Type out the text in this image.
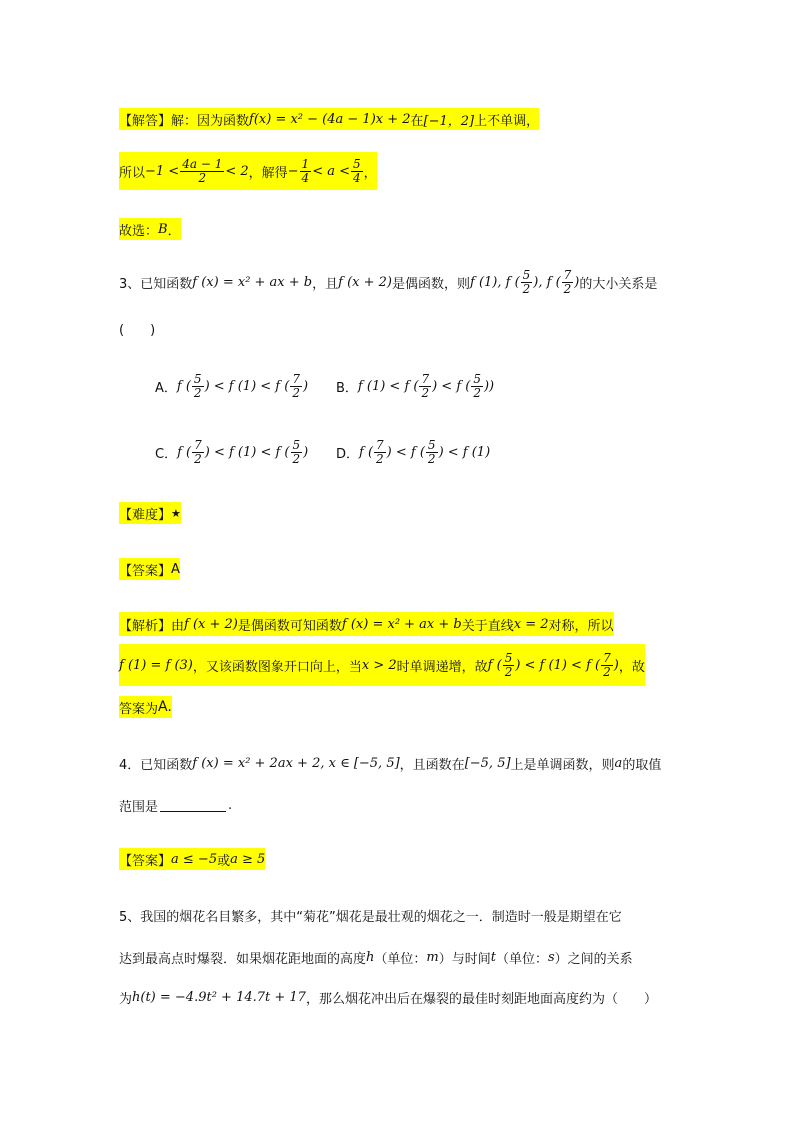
【解答】 解：因为函数 f(x) = x² − (4a − 1)x + 2 在 [−1，2] 上不单调，
所以 $-1 < \frac{4a - 1}{2} < 2$ ，解得 − $\frac{1}{4} < a < \frac{5}{4}$ ，
故选： B ．
3、已知函数 f (x) = x² + ax + b ，且 f (x + 2) 是偶函数，则 f (1), f ( $\frac{5}{2}$ ), f ( $\frac{7}{2}$ ) 的大小关系是
(　　)
A． f ( $\frac{5}{2}$ ) < f (1) < f ( $\frac{7}{2}$ ) B． f (1) < f ( $\frac{7}{2}$ ) < f ( $\frac{5}{2}$ ))
C． f ( $\frac{7}{2}$ ) < f (1) < f ( $\frac{5}{2}$ ) D． f ( $\frac{7}{2}$ ) < f ( $\frac{5}{2}$ ) < f (1)
【难度】 ★
【答案】 A
【解析】 由 f (x + 2) 是偶函数可知函数 f (x) = x² + ax + b 关于直线 x = 2 对称，所以
f (1) = f (3) ，又该函数图象开口向上，当 x > 2 时单调递增，故 f ( $\frac{5}{2}$ ) < f (1) < f ( $\frac{7}{2}$ ) ，故
答案为 A.
4．已知函数 f (x) = x² + 2ax + 2, x ∈ [−5, 5] ，且函数在 [−5, 5] 上是单调函数，则 a 的取值
范围是	.
【答案】 a ≤ −5 或 a ≥ 5
5、我国的烟花名目繁多，其中“菊花”烟花是最壮观的烟花之一．制造时一般是期望在它
达到最高点时爆裂．如果烟花距地面的高度 h （单位： m ）与时间 t （单位： s ）之间的关系
为 h(t) = −4.9t² + 14.7t + 17 ，那么烟花冲出后在爆裂的最佳时刻距地面高度约为（　　）
